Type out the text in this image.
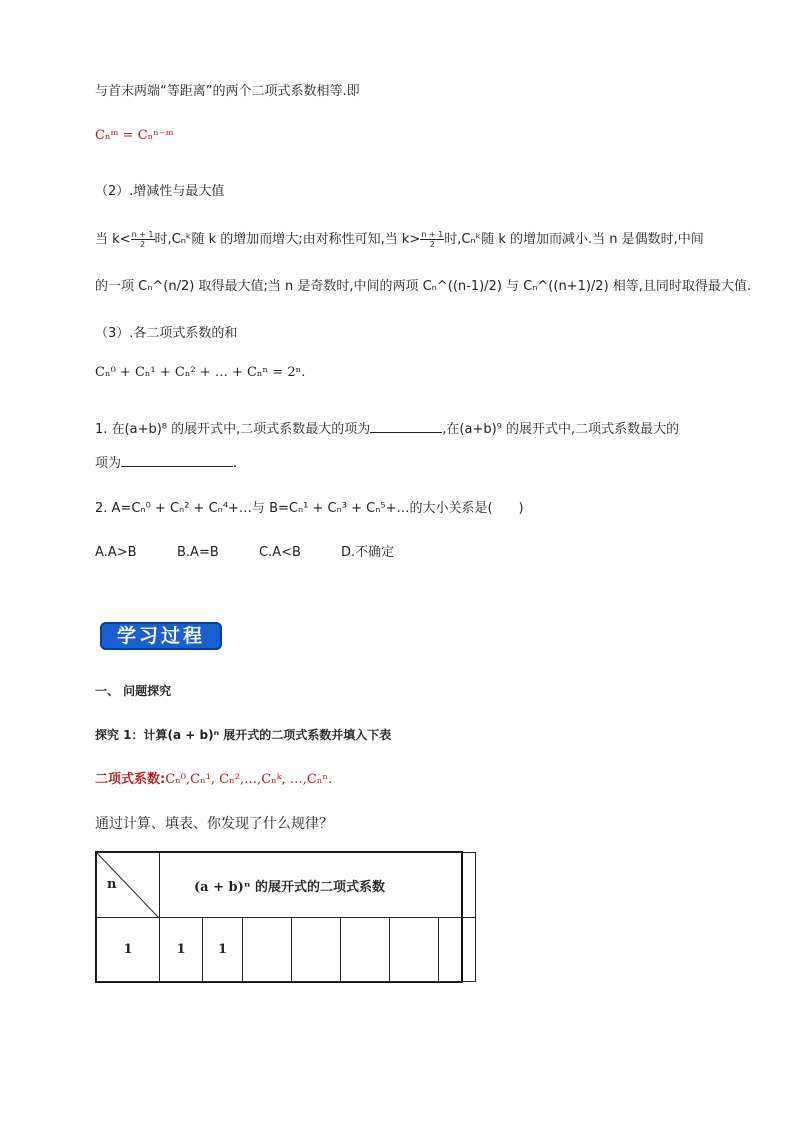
与首末两端“等距离”的两个二项式系数相等.即
Cₙᵐ = Cₙⁿ⁻ᵐ
（2）.增减性与最大值
当 $k< \frac{n + 1}{2}$ 时,Cₙᵏ随 k 的增加而增大;由对称性可知,当 $k> \frac{n + 1}{2}$ 时,Cₙᵏ随 k 的增加而减小.当 n 是偶数时,中间
的一项 Cₙ^(n/2) 取得最大值;当 n 是奇数时,中间的两项 Cₙ^((n-1)/2) 与 Cₙ^((n+1)/2) 相等,且同时取得最大值.
（3）.各二项式系数的和
Cₙ⁰ + Cₙ¹ + Cₙ² + … + Cₙⁿ = 2ⁿ.
1. 在(a+b)⁸ 的展开式中,二项式系数最大的项为	,在(a+b)⁹ 的展开式中,二项式系数最大的
项为	.
2. A=Cₙ⁰ + Cₙ² + Cₙ⁴+…与 B=Cₙ¹ + Cₙ³ + Cₙ⁵+…的大小关系是(　　)
A.A>B	B.A=B	C.A<B	D.不确定
学习过程
一、 问题探究
探究 1：计算(a + b)ⁿ 展开式的二项式系数并填入下表
二项式系数:Cₙ⁰,Cₙ¹, Cₙ²,…,Cₙᵏ, …,Cₙⁿ.
通过计算、填表、你发现了什么规律？
n	(a + b)ⁿ 的展开式的二项式系数						
1	1	1					
